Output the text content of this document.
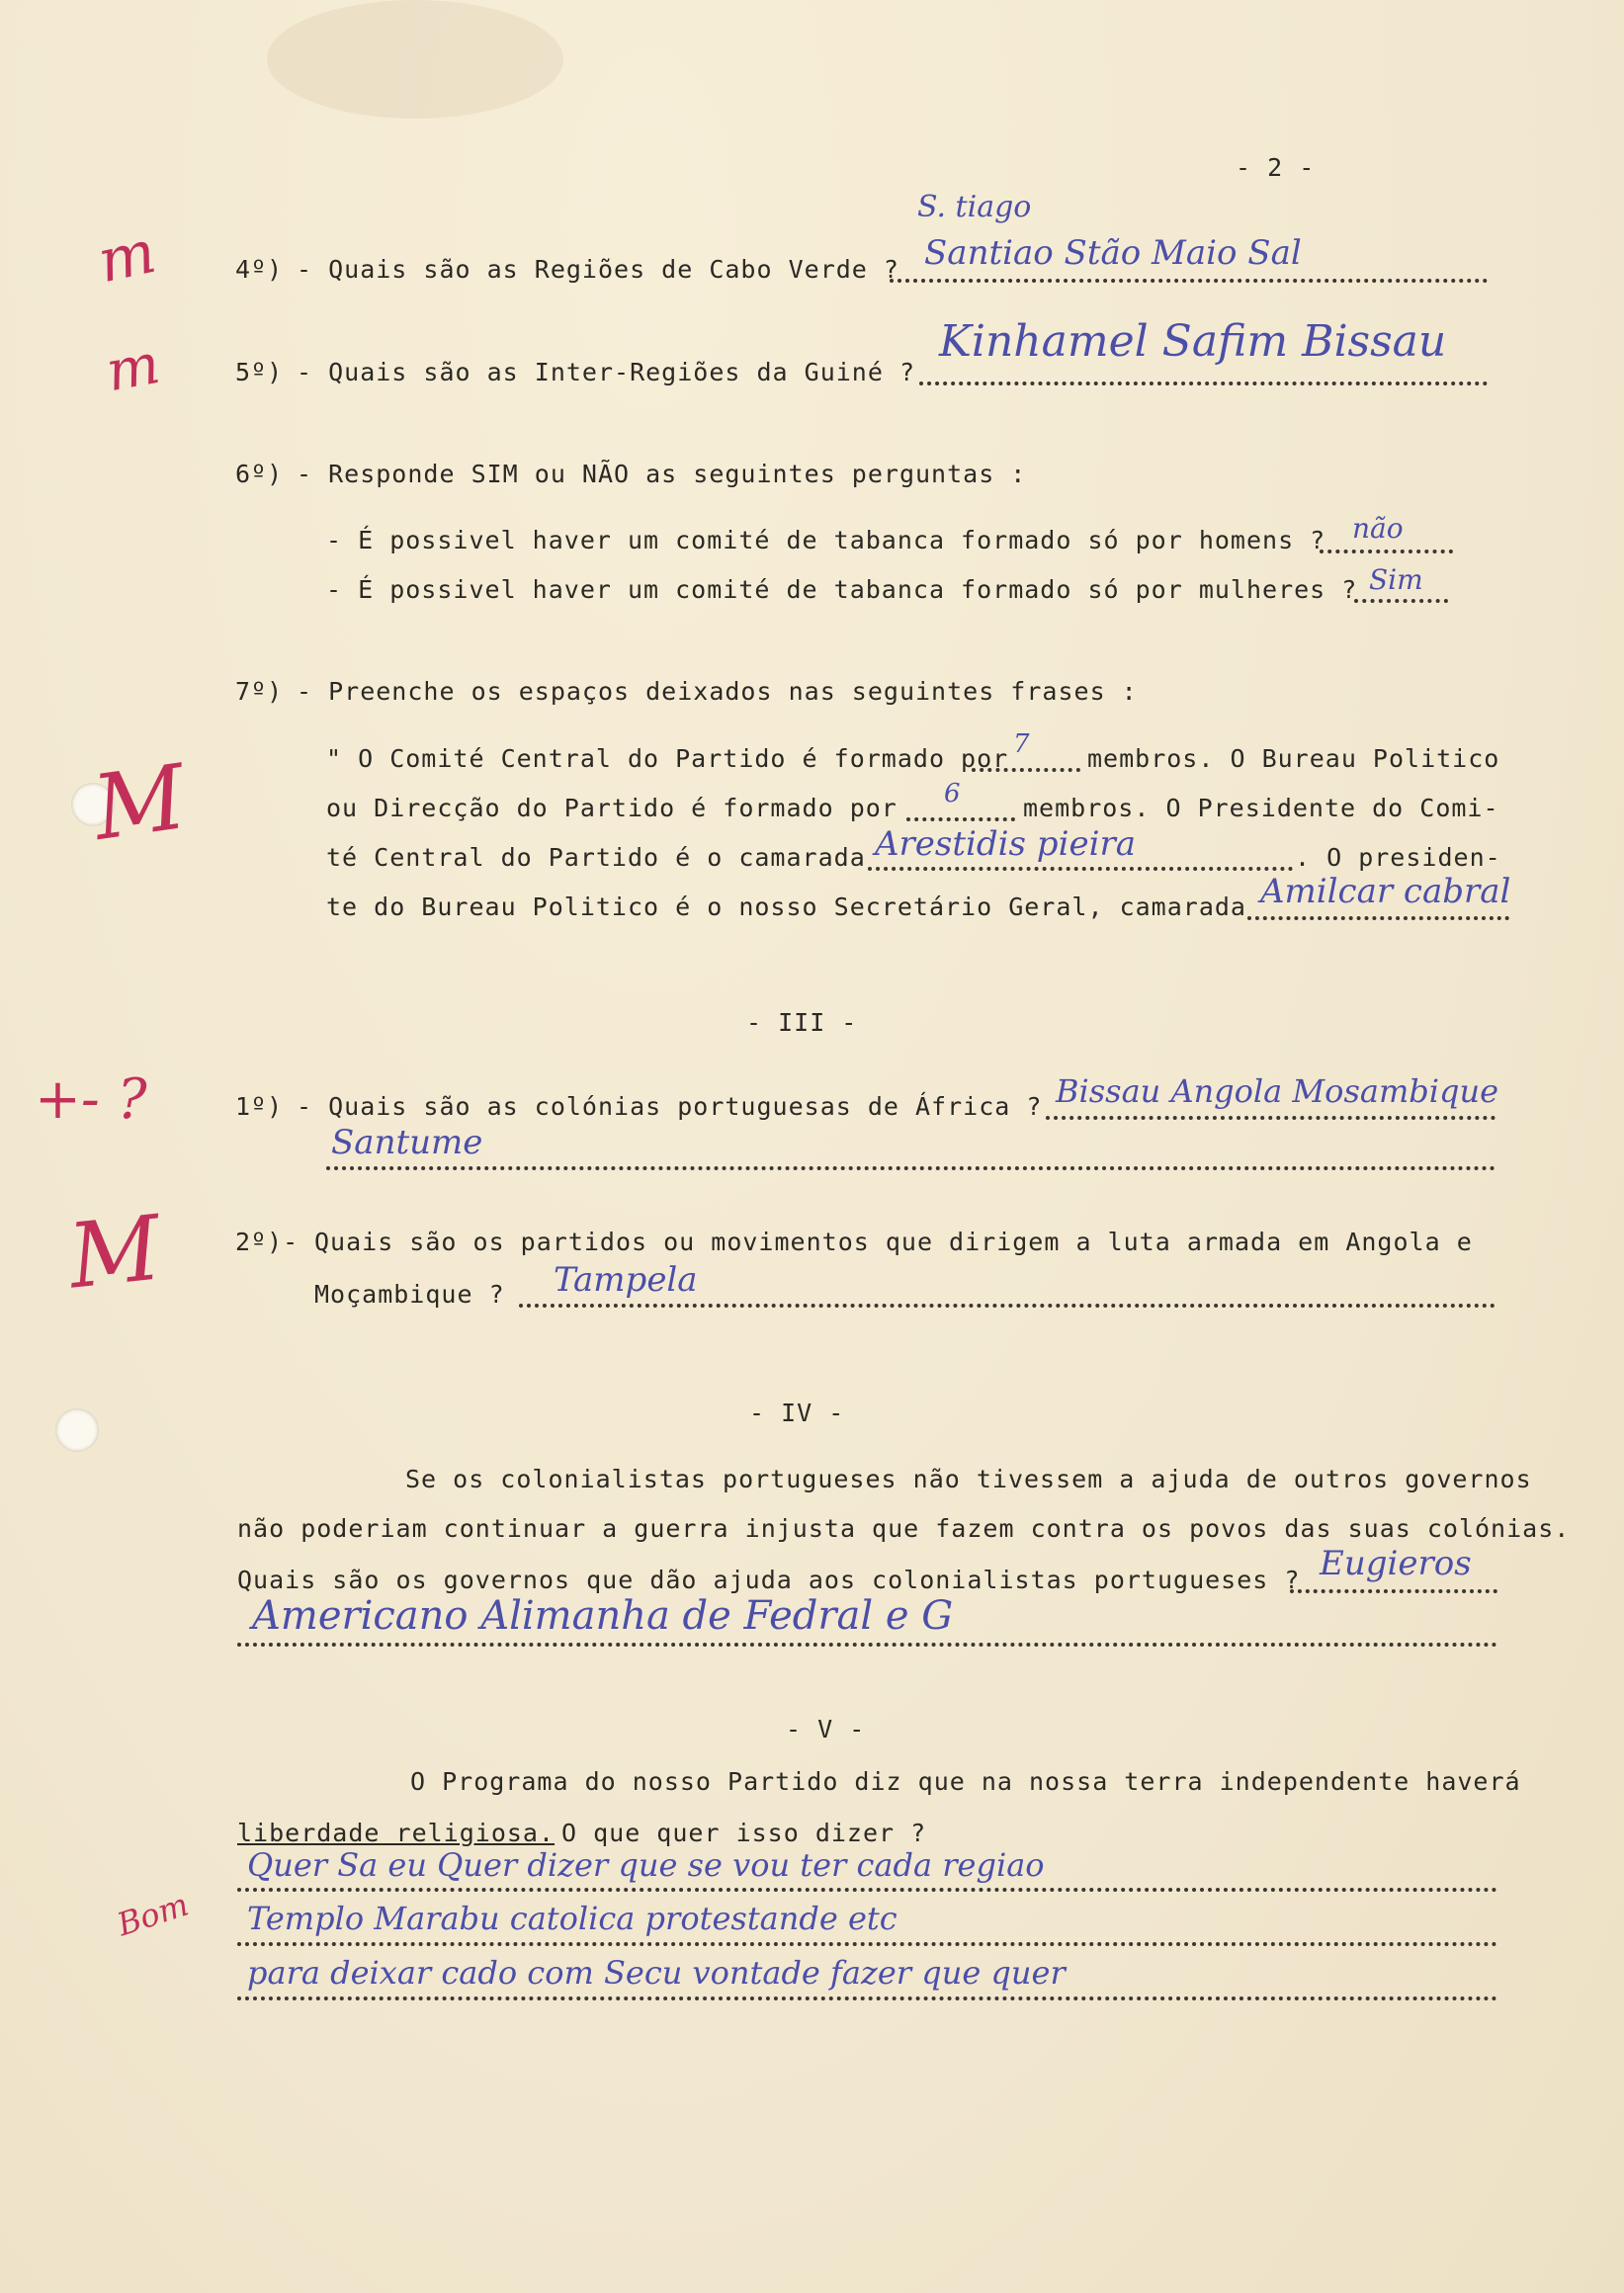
- 2 -
m
m
M
+- ?
M
Bom
4º) - Quais são as Regiões de Cabo Verde ?
S. tiago
Santiao Stão Maio Sal
5º) - Quais são as Inter-Regiões da Guiné ?
Kinhamel Safim Bissau
6º) - Responde SIM ou NÃO as seguintes perguntas :
- É possivel haver um comité de tabanca formado só por homens ? não
- É possivel haver um comité de tabanca formado só por mulheres ? Sim
7º) - Preenche os espaços deixados nas seguintes frases :
" O Comité Central do Partido é formado por 7 membros. O Bureau Politico
ou Direcção do Partido é formado por 6	membros. O Presidente do Comi-
té Central do Partido é o camarada Arestidis pieira	. O presiden-
te do Bureau Politico é o nosso Secretário Geral, camarada Amilcar cabral
- III -
1º) - Quais são as colónias portuguesas de África ? Bissau Angola Mosambique
Santume
2º)- Quais são os partidos ou movimentos que dirigem a luta armada em Angola e
Moçambique ? Tampela
- IV -
Se os colonialistas portugueses não tivessem a ajuda de outros governos
não poderiam continuar a guerra injusta que fazem contra os povos das suas colónias.
Quais são os governos que dão ajuda aos colonialistas portugueses ? Eugieros
Americano Alimanha de Fedral e G
- V -
O Programa do nosso Partido diz que na nossa terra independente haverá
liberdade religiosa. O que quer isso dizer ?
Quer Sa eu Quer dizer que se vou ter cada regiao
Templo Marabu catolica protestande etc
para deixar cado com Secu vontade fazer que quer
